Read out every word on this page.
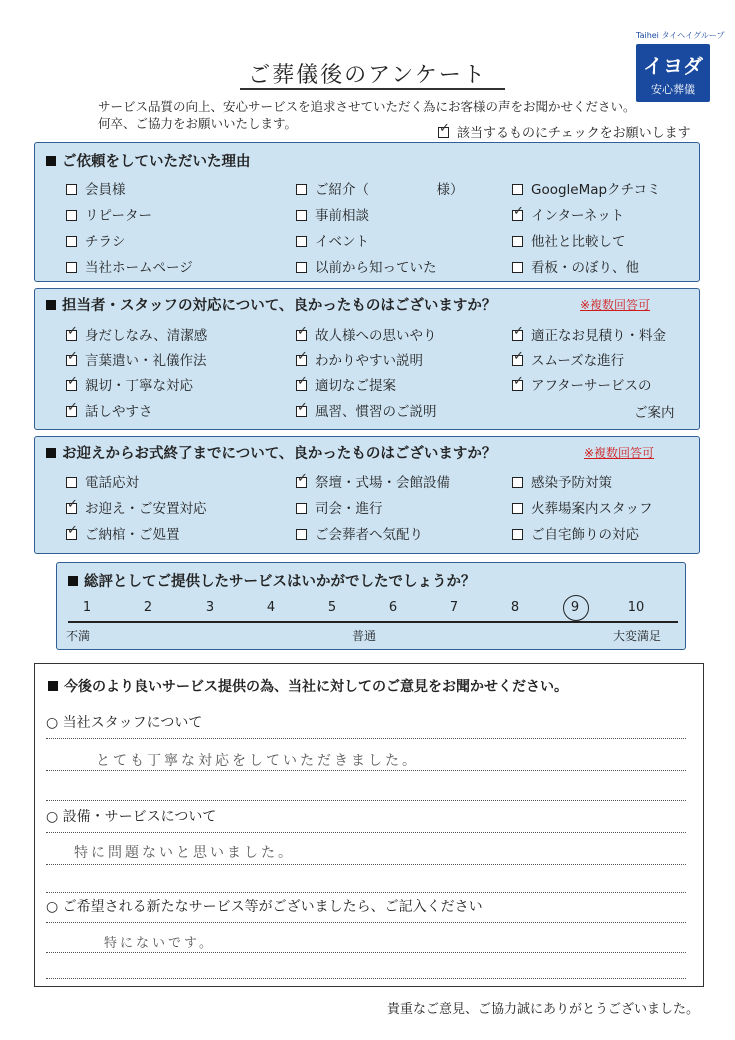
ご葬儀後のアンケート
Taihei タイヘイグループ
イヨダ
安心葬儀
サービス品質の向上、安心サービスを追求させていただく為にお客様の声をお聞かせください。
何卒、ご協力をお願いいたします。
✓該当するものにチェックをお願いします
ご依頼をしていただいた理由
会員様	ご紹介（　　　　　様）	GoogleMapクチコミ
リピーター	事前相談 ✓	インターネット
チラシ	イベント	他社と比較して
当社ホームページ	以前から知っていた	看板・のぼり、他
担当者・スタッフの対応について、良かったものはございますか？	※複数回答可
✓身だしなみ、清潔感 ✓	故人様への思いやり ✓	適正なお見積り・料金
✓言葉遣い・礼儀作法 ✓	わかりやすい説明 ✓	スムーズな進行
✓親切・丁寧な対応 ✓	適切なご提案 ✓	アフターサービスの
✓話しやすさ ✓	風習、慣習のご説明	ご案内
お迎えからお式終了までについて、良かったものはございますか？	※複数回答可
電話応対 ✓	祭壇・式場・会館設備	感染予防対策
✓お迎え・ご安置対応	司会・進行	火葬場案内スタッフ
✓ご納棺・ご処置	ご会葬者へ気配り	ご自宅飾りの対応
総評としてご提供したサービスはいかがでしたでしょうか？
1	2	3	4	5	6	7	8	9	10
不満	普通	大変満足
今後のより良いサービス提供の為、当社に対してのご意見をお聞かせください。
○ 当社スタッフについて
とても丁寧な対応をしていただきました。
○ 設備・サービスについて
特に問題ないと思いました。
○ ご希望される新たなサービス等がございましたら、ご記入ください
特にないです。
貴重なご意見、ご協力誠にありがとうございました。
